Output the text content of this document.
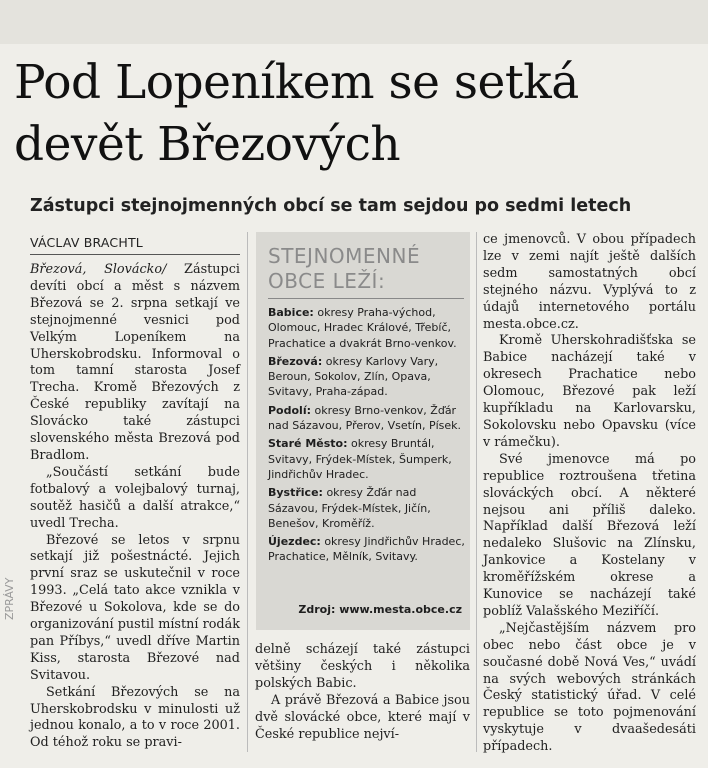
ZPRÁVY
Pod Lopeníkem se setká devět Březových
Zástupci stejnojmenných obcí se tam sejdou po sedmi letech
VÁCLAV BRACHTL

Březová, Slovácko/ Zástupci devíti obcí a měst s názvem Březová se 2. srpna setkají ve stejnojmenné vesnici pod Velkým Lopeníkem na Uherskobrodsku. Informoval o tom tamní starosta Josef Trecha. Kromě Březových z České republiky zavítají na Slovácko také zástupci slovenského města Brezová pod Bradlom.

„Součástí setkání bude fotbalový a volejbalový turnaj, soutěž hasičů a další atrakce,“ uvedl Trecha.

Březové se letos v srpnu setkají již pošestnácté. Jejich první sraz se uskutečnil v roce 1993. „Celá tato akce vznikla v Březové u Sokolova, kde se do organizování pustil místní rodák pan Příbys,“ uvedl dříve Martin Kiss, starosta Březové nad Svitavou.

Setkání Březových se na Uherskobrodsku v minulosti už jednou konalo, a to v roce 2001. Od téhož roku se pravi-

STEJNOMENNÉ
OBCE LEŽÍ:

Babice: okresy Praha-východ, Olomouc, Hradec Králové, Třebíč, Prachatice a dvakrát Brno-venkov.

Březová: okresy Karlovy Vary, Beroun, Sokolov, Zlín, Opava, Svitavy, Praha-západ.

Podolí: okresy Brno-venkov, Žďár nad Sázavou, Přerov, Vsetín, Písek.

Staré Město: okresy Bruntál, Svitavy, Frýdek-Místek, Šumperk, Jindřichův Hradec.

Bystřice: okresy Žďár nad Sázavou, Frýdek-Místek, Jičín, Benešov, Kroměříž.

Újezdec: okresy Jindřichův Hradec, Prachatice, Mělník, Svitavy.

Zdroj: www.mesta.obce.cz

delně scházejí také zástupci většiny českých i několika polských Babic.

A právě Březová a Babice jsou dvě slovácké obce, které mají v České republice nejví-

ce jmenovců. V obou případech lze v zemi najít ještě dalších sedm samostatných obcí stejného názvu. Vyplývá to z údajů internetového portálu mesta.obce.cz.

Kromě Uherskohradišťska se Babice nacházejí také v okresech Prachatice nebo Olomouc, Březové pak leží kupříkladu na Karlovarsku, Sokolovsku nebo Opavsku (více v rámečku).

Své jmenovce má po republice roztroušena třetina slováckých obcí. A některé nejsou ani příliš daleko. Například další Březová leží nedaleko Slušovic na Zlínsku, Jankovice a Kostelany v kroměřížském okrese a Kunovice se nacházejí také poblíž Valašského Meziříčí.

„Nejčastějším názvem pro obec nebo část obce je v současné době Nová Ves,“ uvádí na svých webových stránkách Český statistický úřad. V celé republice se toto pojmenování vyskytuje v dvaašedesáti případech.
